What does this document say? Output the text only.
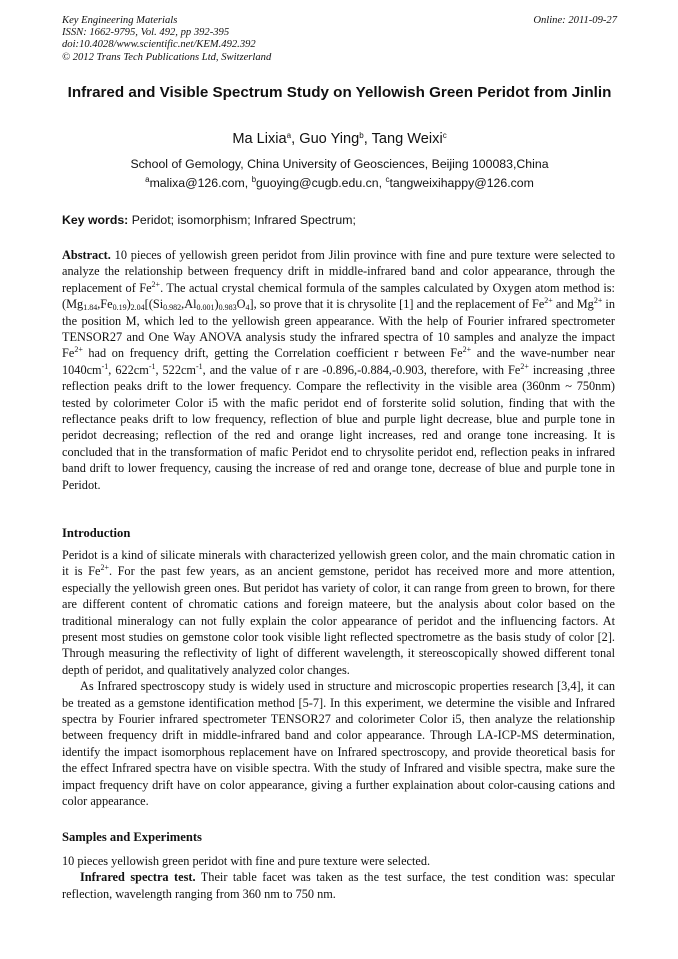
Key Engineering Materials
ISSN: 1662-9795, Vol. 492, pp 392-395
doi:10.4028/www.scientific.net/KEM.492.392
© 2012 Trans Tech Publications Ltd, Switzerland
Online: 2011-09-27
Infrared and Visible Spectrum Study on Yellowish Green Peridot from Jinlin
Ma Lixia$^a$, Guo Ying$^b$, Tang Weixi$^c$
School of Gemology, China University of Geosciences, Beijing 100083,China
$^a$malixa@126.com, $^b$guoying@cugb.edu.cn, $^c$tangweixihappy@126.com
Key words: Peridot; isomorphism; Infrared Spectrum;

Abstract. 10 pieces of yellowish green peridot from Jilin province with fine and pure texture were selected to analyze the relationship between frequency drift in middle-infrared band and color appearance, through the replacement of $Fe^{2+}$. The actual crystal chemical formula of the samples calculated by Oxygen atom method is: $(Mg_{1.84},Fe_{0.19})_{2.04}[(Si_{0.982},Al_{0.001})_{0.983}O_4]$, so prove that it is chrysolite [1] and the replacement of $Fe^{2+}$ and $Mg^{2+}$ in the position M, which led to the yellowish green appearance. With the help of Fourier infrared spectrometer TENSOR27 and One Way ANOVA analysis study the infrared spectra of 10 samples and analyze the impact $Fe^{2+}$ had on frequency drift, getting the Correlation coefficient r between $Fe^{2+}$ and the wave-number near $1040cm^{-1}$, $622cm^{-1}$, $522cm^{-1}$, and the value of r are -0.896,-0.884,-0.903, therefore, with $Fe^{2+}$ increasing ,three reflection peaks drift to the lower frequency. Compare the reflectivity in the visible area (360nm ~ 750nm) tested by colorimeter Color i5 with the mafic peridot end of forsterite solid solution, finding that with the reflectance peaks drift to low frequency, reflection of blue and purple light decrease, blue and purple tone in peridot decreasing; reflection of the red and orange light increases, red and orange tone increasing. It is concluded that in the transformation of mafic Peridot end to chrysolite peridot end, reflection peaks in infrared band drift to lower frequency, causing the increase of red and orange tone, decrease of blue and purple tone in Peridot.

Introduction

Peridot is a kind of silicate minerals with characterized yellowish green color, and the main chromatic cation in it is $Fe^{2+}$. For the past few years, as an ancient gemstone, peridot has received more and more attention, especially the yellowish green ones. But peridot has variety of color, it can range from green to brown, for there are different content of chromatic cations and foreign mateere, but the analysis about color based on the traditional mineralogy can not fully explain the color appearance of peridot and the influencing factors. At present most studies on gemstone color took visible light reflected spectrometre as the basis study of color [2]. Through measuring the reflectivity of light of different wavelength, it stereoscopically showed different tonal depth of peridot, and qualitatively analyzed color changes.

As Infrared spectroscopy study is widely used in structure and microscopic properties research [3,4], it can be treated as a gemstone identification method [5-7]. In this experiment, we determine the visible and Infrared spectra by Fourier infrared spectrometer TENSOR27 and colorimeter Color i5, then analyze the relationship between frequency drift in middle-infrared band and color appearance. Through LA-ICP-MS determination, identify the impact isomorphous replacement have on Infrared spectroscopy, and provide theoretical basis for the effect Infrared spectra have on visible spectra. With the study of Infrared and visible spectra, make sure the impact frequency drift have on color appearance, giving a further explaination about color-causing cations and color appearance.

Samples and Experiments

10 pieces yellowish green peridot with fine and pure texture were selected.

Infrared spectra test. Their table facet was taken as the test surface, the test condition was: specular reflection, wavelength ranging from 360 nm to 750 nm.
